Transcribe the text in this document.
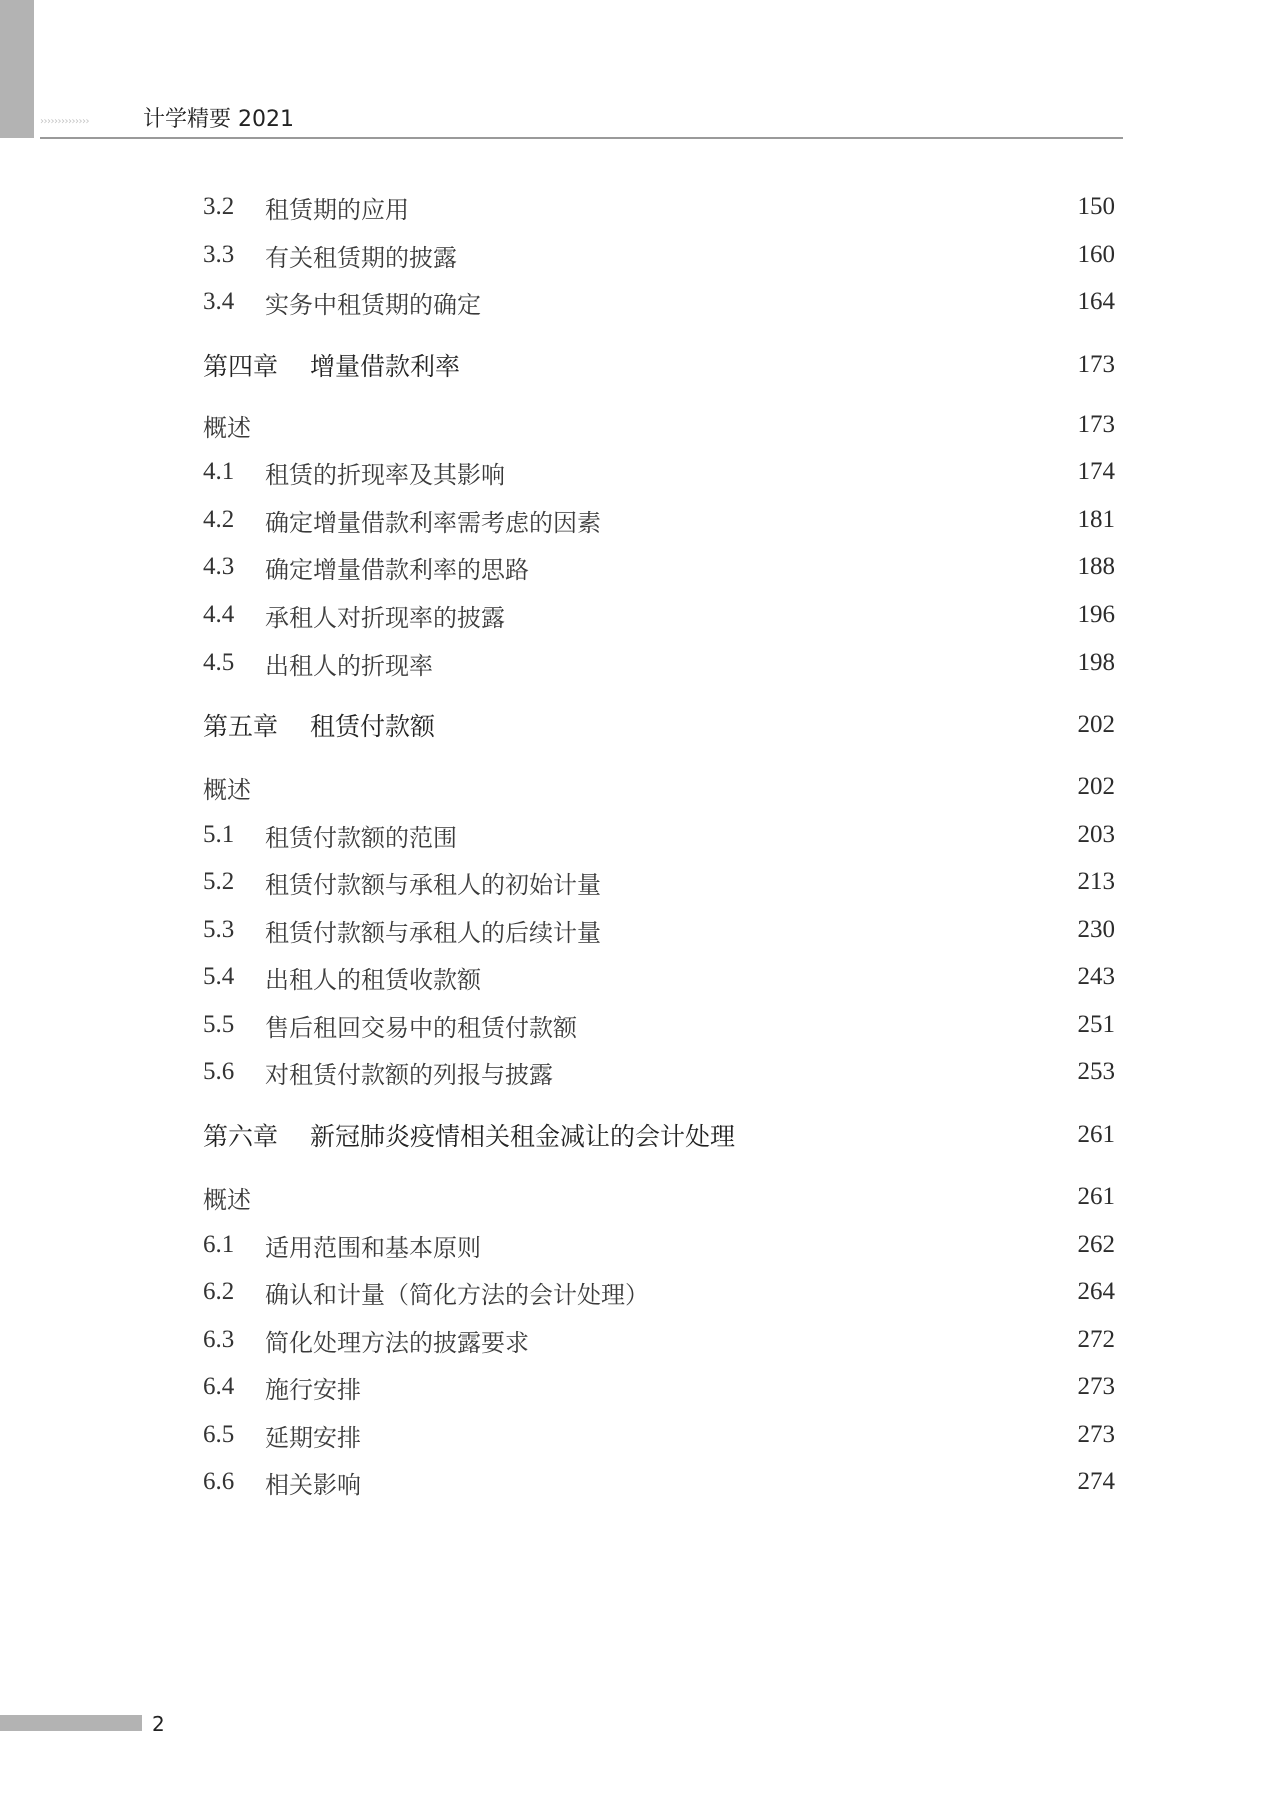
›››››››››››››› 计学精要 2021
3.2	租赁期的应用	150
3.3	有关租赁期的披露	160
3.4	实务中租赁期的确定	164
第四章	增量借款利率	173
概述	173
4.1	租赁的折现率及其影响	174
4.2	确定增量借款利率需考虑的因素	181
4.3	确定增量借款利率的思路	188
4.4	承租人对折现率的披露	196
4.5	出租人的折现率	198
第五章	租赁付款额	202
概述	202
5.1	租赁付款额的范围	203
5.2	租赁付款额与承租人的初始计量	213
5.3	租赁付款额与承租人的后续计量	230
5.4	出租人的租赁收款额	243
5.5	售后租回交易中的租赁付款额	251
5.6	对租赁付款额的列报与披露	253
第六章	新冠肺炎疫情相关租金减让的会计处理	261
概述	261
6.1	适用范围和基本原则	262
6.2	确认和计量（简化方法的会计处理）	264
6.3	简化处理方法的披露要求	272
6.4	施行安排	273
6.5	延期安排	273
6.6	相关影响	274
2
